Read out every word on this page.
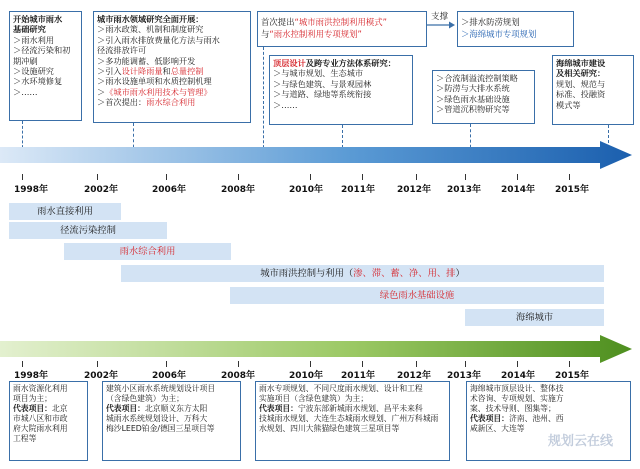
开始城市雨水
基础研究
＞雨水利用
＞径流污染和初
期冲刷
＞设施研究
＞水环境修复
＞……
城市雨水领域研究全面开展：
＞雨水政策、机制和制度研究
＞引入雨水排放费量化方法与雨水
径流排放许可
＞多功能调蓄、低影响开发
＞引入设计降雨量和总量控制
＞雨水设施单项和水质控制机理
＞《城市雨水利用技术与管理》
＞首次提出：雨水综合利用
首次提出“城市雨洪控制利用模式”
与“雨水控制利用专项规划”
支撑 ＞排水防涝规划
＞海绵城市专项规划
顶层设计及跨专业方法体系研究：
＞与城市规划、生态城市
＞与绿色建筑、与景观园林
＞与道路、绿地等系统衔接
＞……
＞合流制溢流控制策略
＞防涝与大排水系统
＞绿色雨水基础设施
＞管道沉积物研究等
海绵城市建设
及相关研究：
规划、规范与
标准、投融资
模式等
1998年	2002年	2006年	2008年	2010年 2011年 2012年 2013年 2014年 2015年
雨水直接利用
径流污染控制
雨水综合利用
城市雨洪控制与利用（渗、滞、蓄、净、用、排）
绿色雨水基础设施
海绵城市
1998年	2002年	2006年	2008年	2010年 2011年 2012年 2013年 2014年 2015年
雨水资源化利用
项目为主；
代表项目：北京
市城八区和市政
府大院雨水利用
工程等
建筑小区雨水系统规划设计项目
（含绿色建筑）为主；
代表项目：北京顺义东方太阳
城雨水系统规划设计、万科大
梅沙LEED铂金/德国三星项目等
雨水专项规划、不同尺度雨水规划、设计和工程
实施项目（含绿色建筑）为主；
代表项目：宁波东部新城雨水规划、昌平未来科
技城雨水规划、大连生态城雨水规划、广州万科城雨
水规划、四川大熊猫绿色建筑三星项目等
海绵城市顶层设计、整体技
术咨询、专项规划、实施方
案、技术导则、图集等；
代表项目：济南、池州、西
咸新区、大连等
规划云在线
